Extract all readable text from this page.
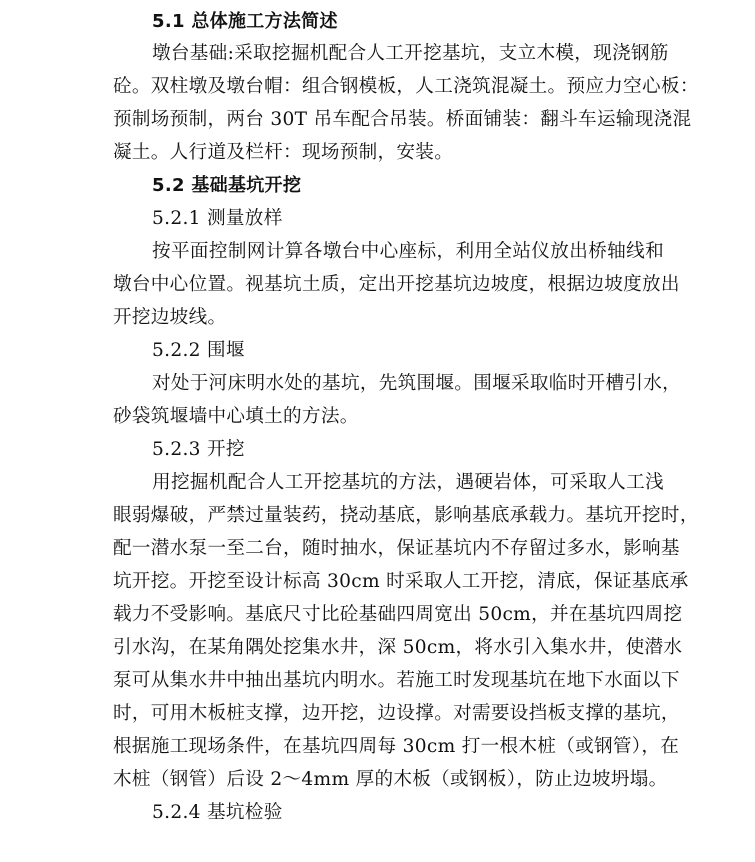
5.1 总体施工方法简述
墩台基础:采取挖掘机配合人工开挖基坑，支立木模，现浇钢筋
砼。双柱墩及墩台帽：组合钢模板，人工浇筑混凝土。预应力空心板：
预制场预制，两台 30T 吊车配合吊装。桥面铺装：翻斗车运输现浇混
凝土。人行道及栏杆：现场预制，安装。
5.2 基础基坑开挖
5.2.1 测量放样
按平面控制网计算各墩台中心座标，利用全站仪放出桥轴线和
墩台中心位置。视基坑土质，定出开挖基坑边坡度，根据边坡度放出
开挖边坡线。
5.2.2 围堰
对处于河床明水处的基坑，先筑围堰。围堰采取临时开槽引水，
砂袋筑堰墙中心填土的方法。
5.2.3 开挖
用挖掘机配合人工开挖基坑的方法，遇硬岩体，可采取人工浅
眼弱爆破，严禁过量装药，挠动基底，影响基底承载力。基坑开挖时，
配一潜水泵一至二台，随时抽水，保证基坑内不存留过多水，影响基
坑开挖。开挖至设计标高 30cm 时采取人工开挖，清底，保证基底承
载力不受影响。基底尺寸比砼基础四周宽出 50cm，并在基坑四周挖
引水沟，在某角隅处挖集水井，深 50cm，将水引入集水井，使潜水
泵可从集水井中抽出基坑内明水。若施工时发现基坑在地下水面以下
时，可用木板桩支撑，边开挖，边设撑。对需要设挡板支撑的基坑，
根据施工现场条件，在基坑四周每 30cm 打一根木桩（或钢管），在
木桩（钢管）后设 2～4mm 厚的木板（或钢板），防止边坡坍塌。
5.2.4 基坑检验
